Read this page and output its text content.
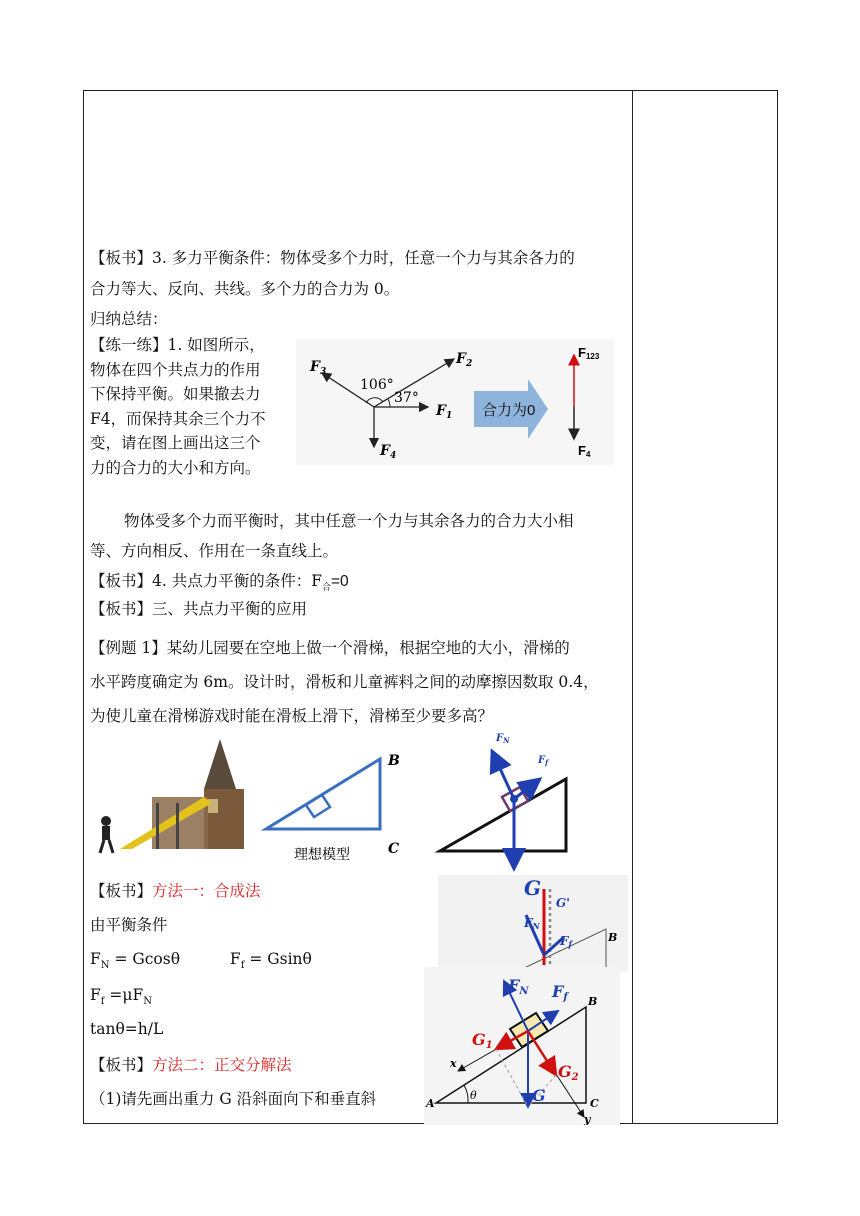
【板书】3. 多力平衡条件：物体受多个力时，任意一个力与其余各力的
合力等大、反向、共线。多个力的合力为 0。
归纳总结：
【练一练】1. 如图所示，
物体在四个共点力的作用
下保持平衡。如果撤去力
F4，而保持其余三个力不
变，请在图上画出这三个
力的合力的大小和方向。
106°
37°
$F_2$
$F_3$
$F_1$
$F_4$
合力为0
F123
F4
物体受多个力而平衡时，其中任意一个力与其余各力的合力大小相
等、方向相反、作用在一条直线上。
【板书】4. 共点力平衡的条件：$F_合=0$
【板书】三、共点力平衡的应用
【例题 1】某幼儿园要在空地上做一个滑梯，根据空地的大小，滑梯的
水平跨度确定为 6m。设计时，滑板和儿童裤料之间的动摩擦因数取 0.4，
为使儿童在滑梯游戏时能在滑板上滑下，滑梯至少要多高？
B
C
理想模型
$F_N$
$F_f$
【板书】方法一：合成法
由平衡条件
$F_N = Gcos\theta$	$F_f = Gsin\theta$
$F_f =\mu F_N$
tanθ=h/L
【板书】方法二：正交分解法
（1)请先画出重力 G 沿斜面向下和垂直斜
G
G'
FN
Ff	B
FN Ff
G1
G2
G
A
B
C
x
y
θ
